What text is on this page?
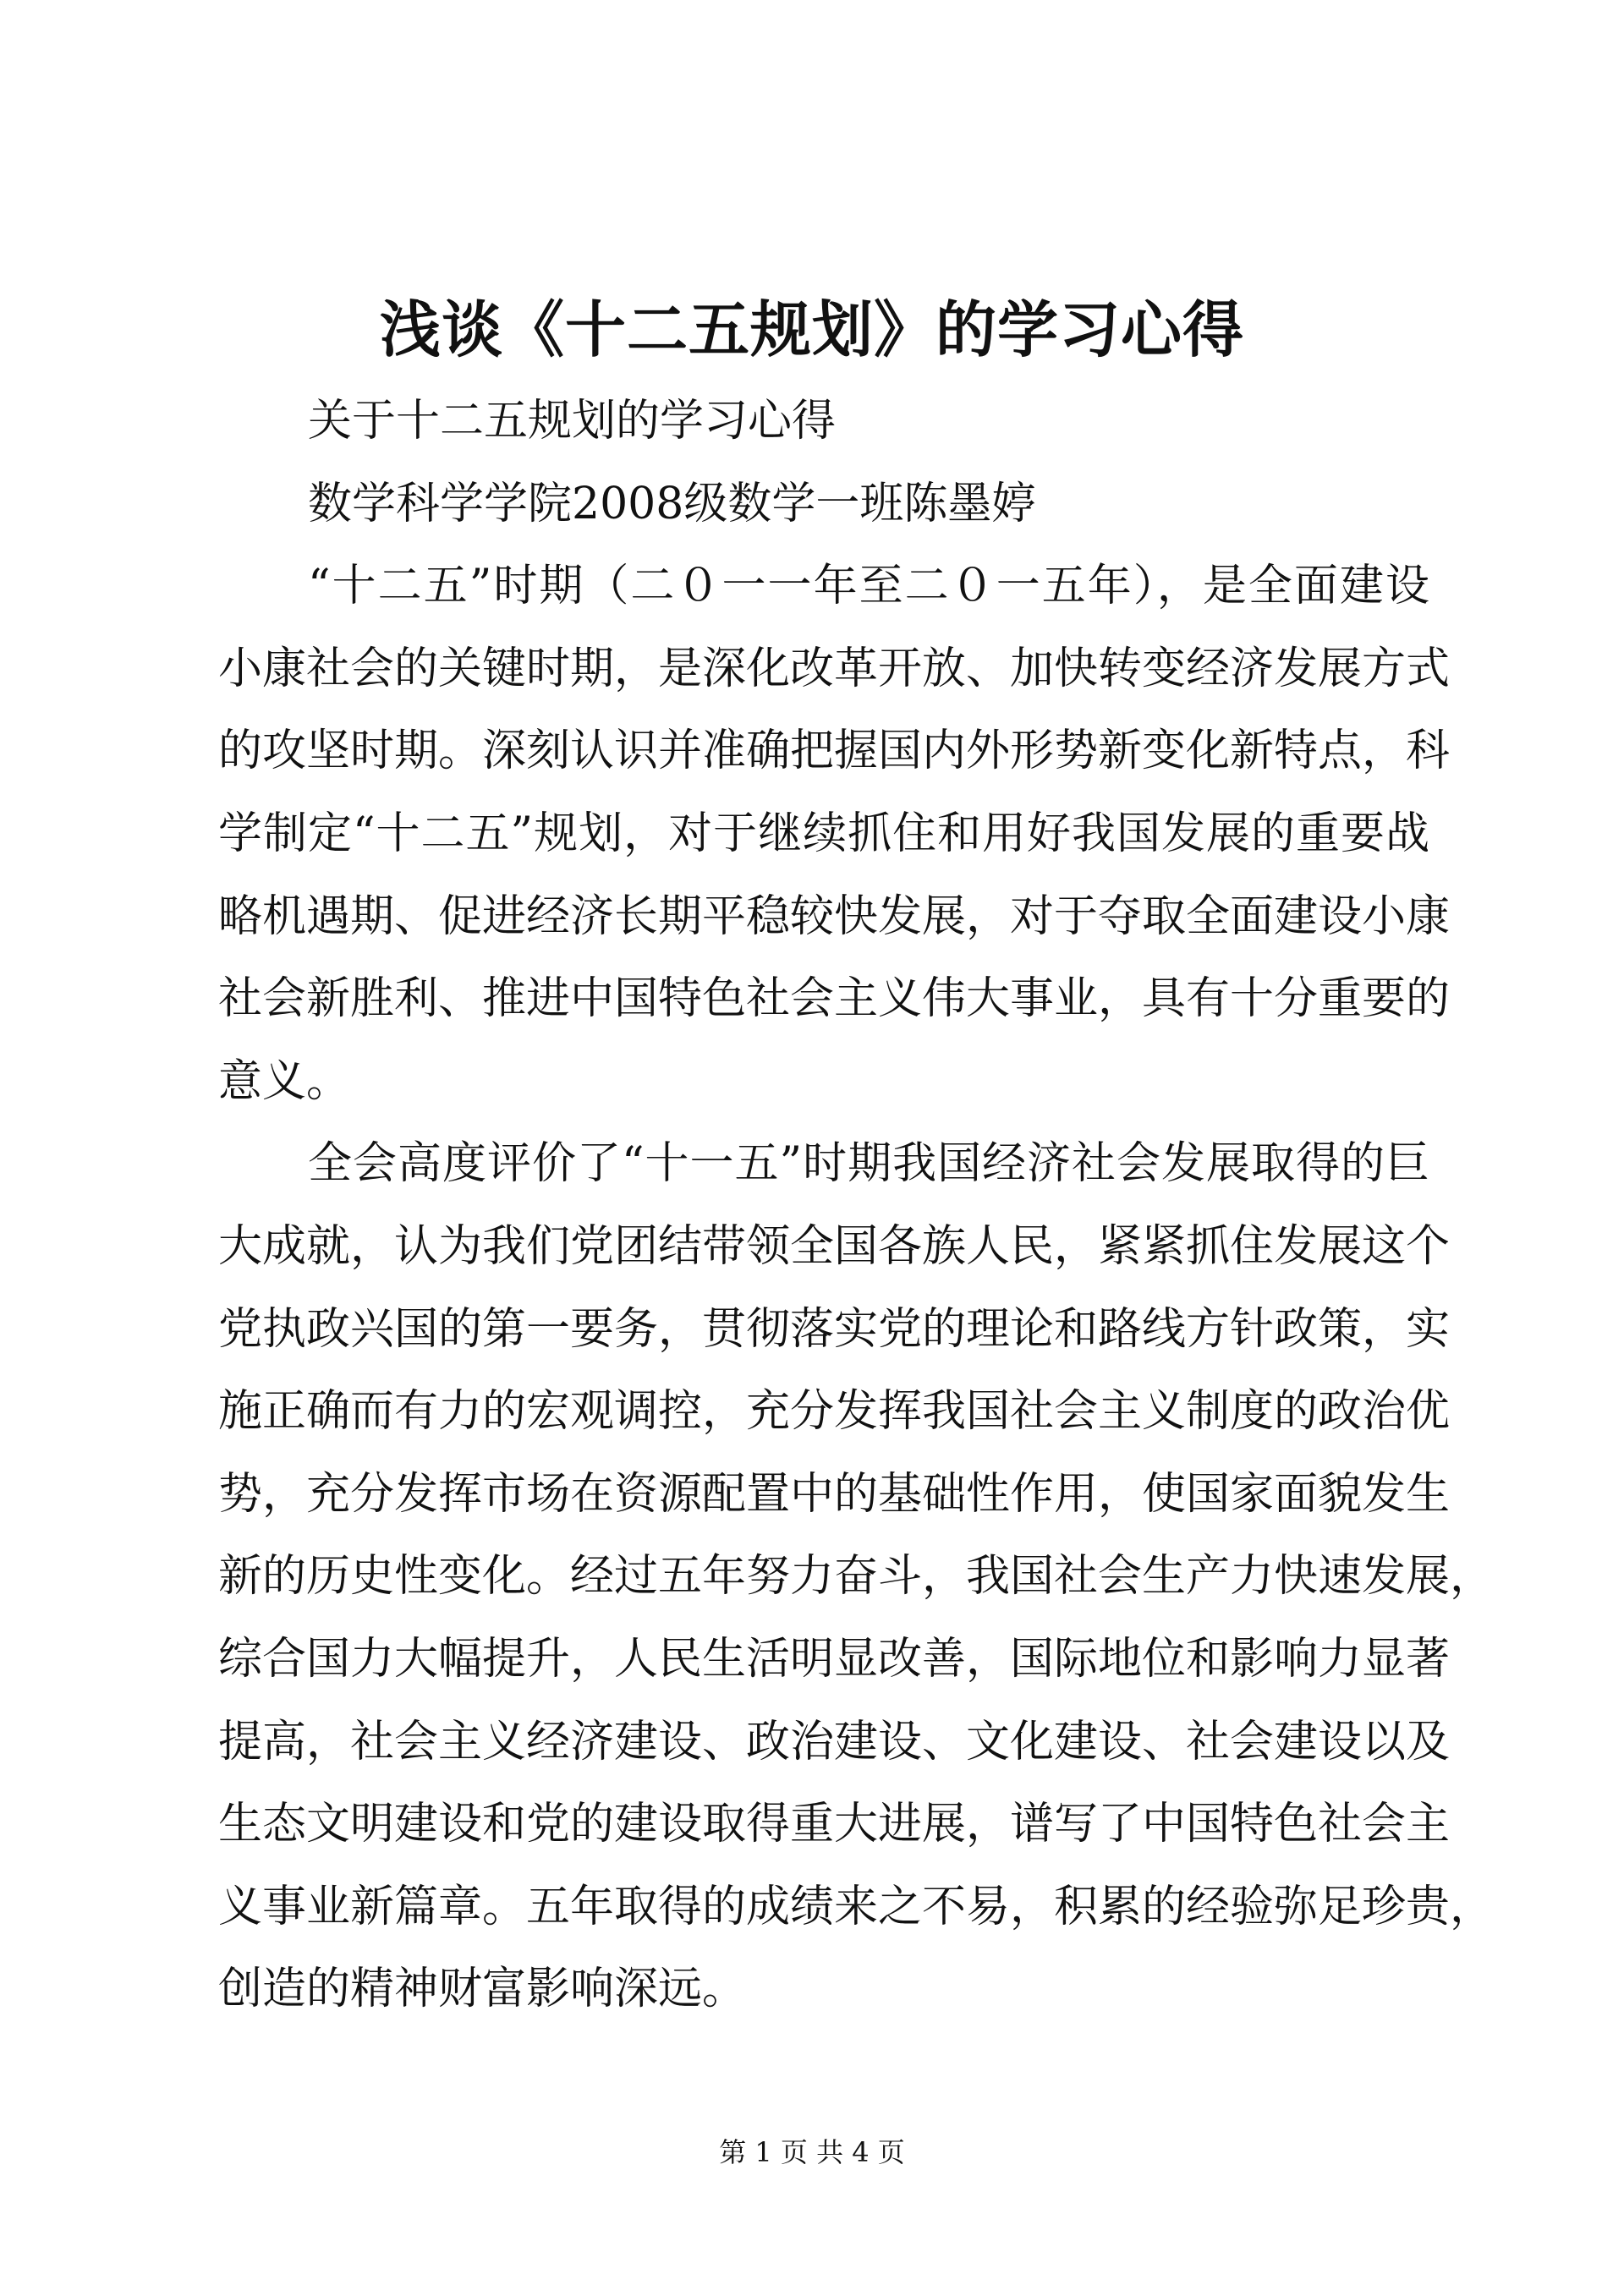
浅谈《十二五规划》的学习心得
关于十二五规划的学习心得
数学科学学院2008级数学一班陈墨婷
“十二五”时期（二０一一年至二０一五年），是全面建设
小康社会的关键时期，是深化改革开放、加快转变经济发展方式
的攻坚时期。深刻认识并准确把握国内外形势新变化新特点，科
学制定“十二五”规划，对于继续抓住和用好我国发展的重要战
略机遇期、促进经济长期平稳较快发展，对于夺取全面建设小康
社会新胜利、推进中国特色社会主义伟大事业，具有十分重要的
意义。
全会高度评价了“十一五”时期我国经济社会发展取得的巨
大成就，认为我们党团结带领全国各族人民，紧紧抓住发展这个
党执政兴国的第一要务，贯彻落实党的理论和路线方针政策，实
施正确而有力的宏观调控，充分发挥我国社会主义制度的政治优
势，充分发挥市场在资源配置中的基础性作用，使国家面貌发生
新的历史性变化。经过五年努力奋斗，我国社会生产力快速发展，
综合国力大幅提升，人民生活明显改善，国际地位和影响力显著
提高，社会主义经济建设、政治建设、文化建设、社会建设以及
生态文明建设和党的建设取得重大进展，谱写了中国特色社会主
义事业新篇章。五年取得的成绩来之不易，积累的经验弥足珍贵，
创造的精神财富影响深远。
第 1 页 共 4 页
